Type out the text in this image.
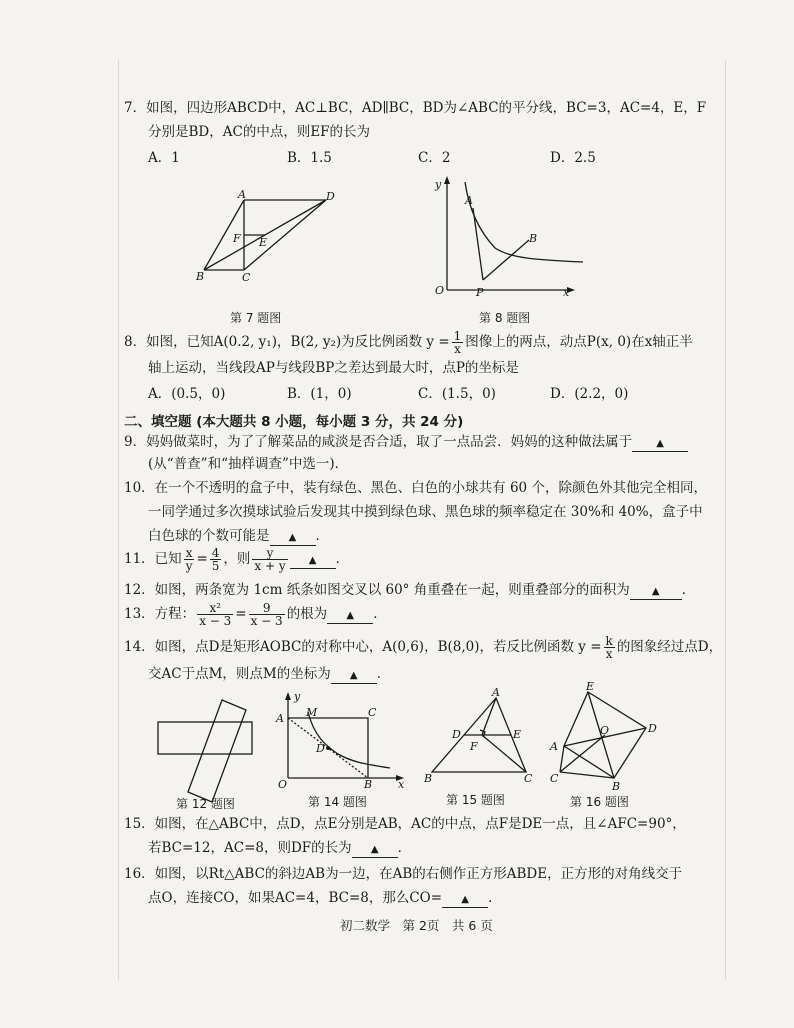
7．如图，四边形ABCD中，AC⊥BC，AD∥BC，BD为∠ABC的平分线，BC=3，AC=4，E，F
分别是BD，AC的中点，则EF的长为
A．1	B．1.5	C．2	D．2.5
A	D
F E
B	C
第 7 题图
y
A
B
O	P	x
第 8 题图
8．如图，已知A(0.2, y₁)，B(2, y₂)为反比例函数 $y = \frac{1}{x}$ 图像上的两点，动点P(x, 0)在x轴正半
轴上运动，当线段AP与线段BP之差达到最大时，点P的坐标是
A．(0.5，0)	B．(1，0)	C．(1.5，0)	D．(2.2，0)
二、填空题 (本大题共 8 小题，每小题 3 分，共 24 分)
9．妈妈做菜时，为了了解菜品的咸淡是否合适，取了一点品尝．妈妈的这种做法属于 ▲
(从“普查”和“抽样调查”中选一)．
10．在一个不透明的盒子中，装有绿色、黑色、白色的小球共有 60 个，除颜色外其他完全相同，
一同学通过多次摸球试验后发现其中摸到绿色球、黑色球的频率稳定在 30%和 40%，盒子中
白色球的个数可能是 ▲ ．
11．已知 $\frac{x}{y} = \frac{4}{5}$ ，则 $\frac{y}{x + y}$ ▲ ．
12．如图，两条宽为 1cm 纸条如图交叉以 60° 角重叠在一起，则重叠部分的面积为 ▲ ．
13．方程： $\frac{\text{x²}}{x - 3} = \frac{9}{x - 3}$ 的根为 ▲ ．
14．如图，点D是矩形AOBC的对称中心，A(0,6)，B(8,0)，若反比例函数 $y = \frac{k}{x}$ 的图象经过点D，
交AC于点M，则点M的坐标为 ▲ ．
第 12 题图
y
A M	C
D
O	B x
第 14 题图
A
D	E
F
B	C
第 15 题图
E
D
A
O
C
B
第 16 题图
15．如图，在△ABC中，点D，点E分别是AB，AC的中点，点F是DE一点，且∠AFC=90°，
若BC=12，AC=8，则DF的长为 ▲ ．
16．如图，以Rt△ABC的斜边AB为一边，在AB的右侧作正方形ABDE，正方形的对角线交于
点O，连接CO，如果AC=4，BC=8，那么CO= ▲ ．
初二数学　第 2页　共 6 页
